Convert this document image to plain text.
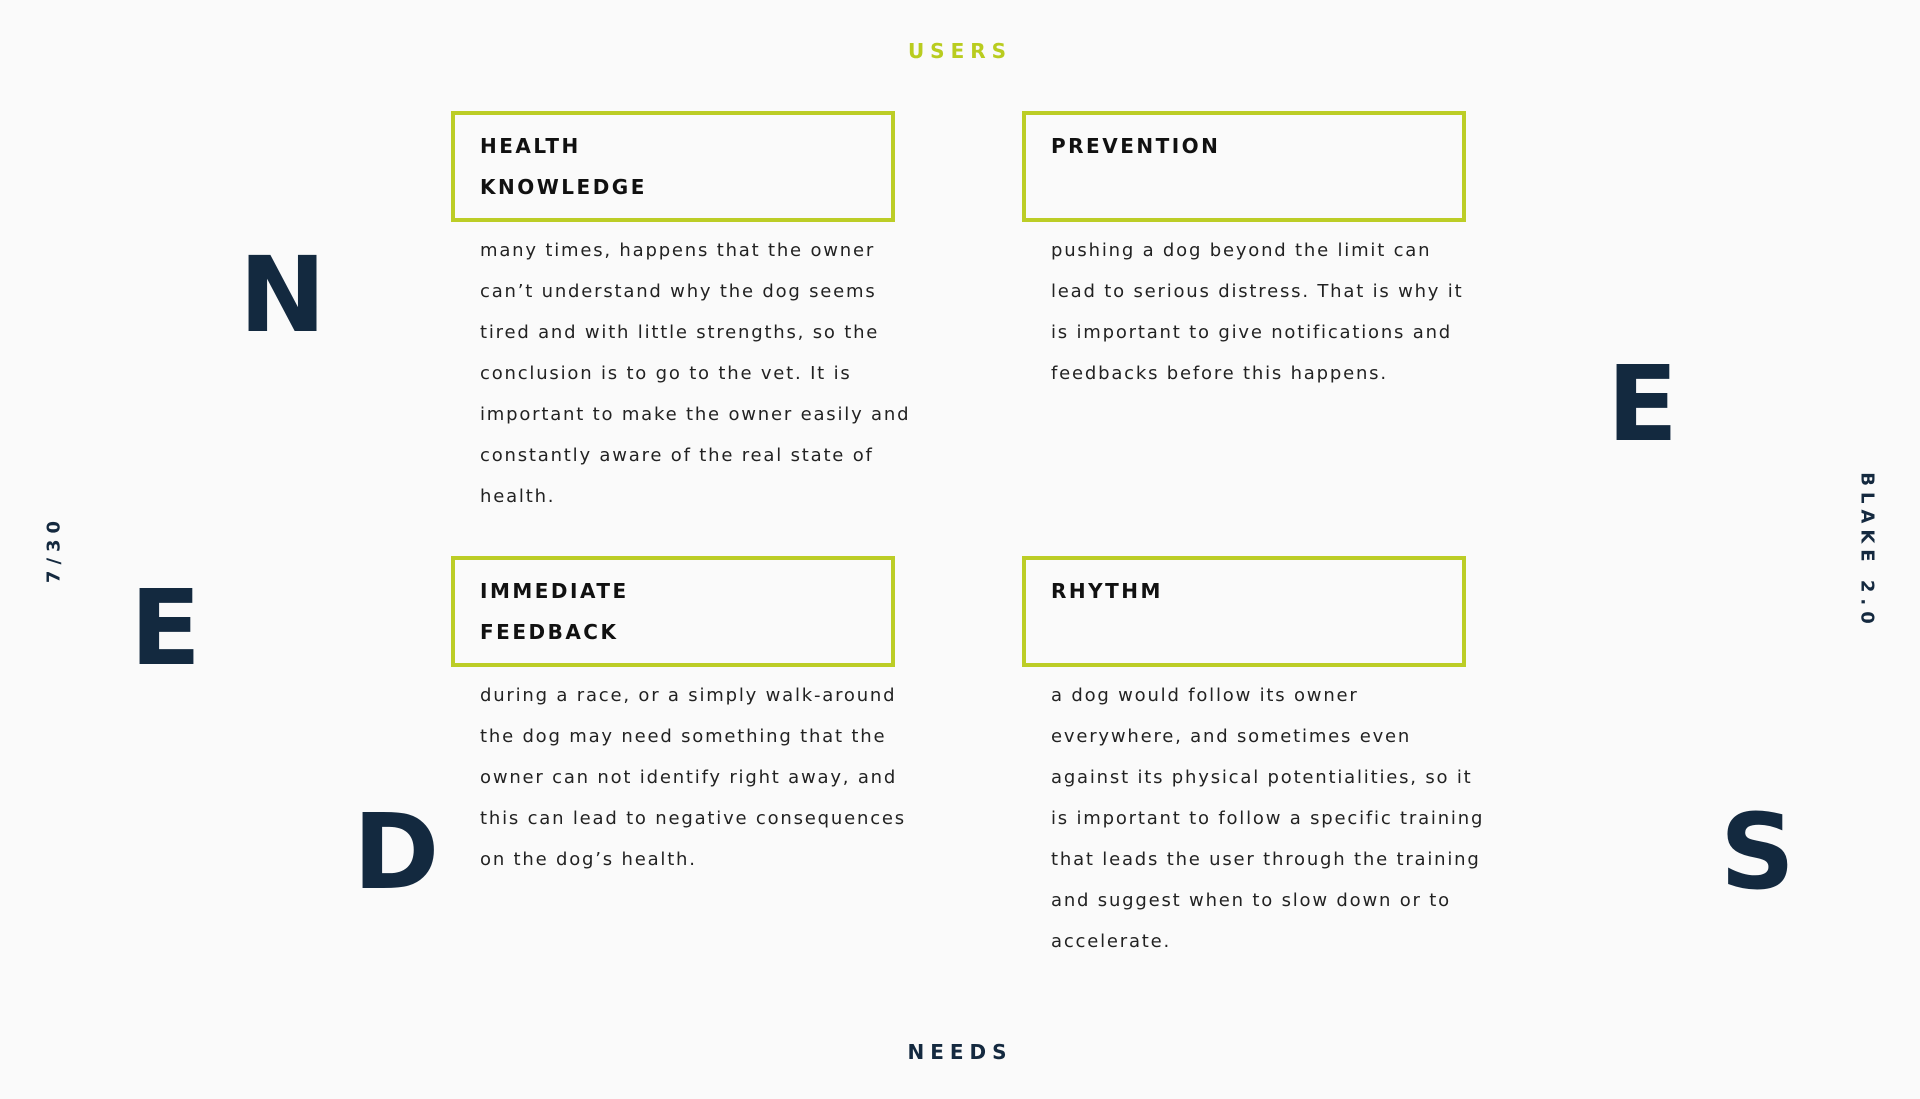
USERS
N
E
E
D	S
7/30	BLAKE 2.0
HEALTH
KNOWLEDGE

many times, happens that the owner

can’t understand why the dog seems

tired and with little strengths, so the

conclusion is to go to the vet. It is

important to make the owner easily and

constantly aware of the real state of

health.

PREVENTION

pushing a dog beyond the limit can

lead to serious distress. That is why it

is important to give notifications and

feedbacks before this happens.

IMMEDIATE
FEEDBACK

during a race, or a simply walk-around

the dog may need something that the

owner can not identify right away, and

this can lead to negative consequences

on the dog’s health.

RHYTHM

a dog would follow its owner

everywhere, and sometimes even

against its physical potentialities, so it

is important to follow a specific training

that leads the user through the training

and suggest when to slow down or to

accelerate.

NEEDS
